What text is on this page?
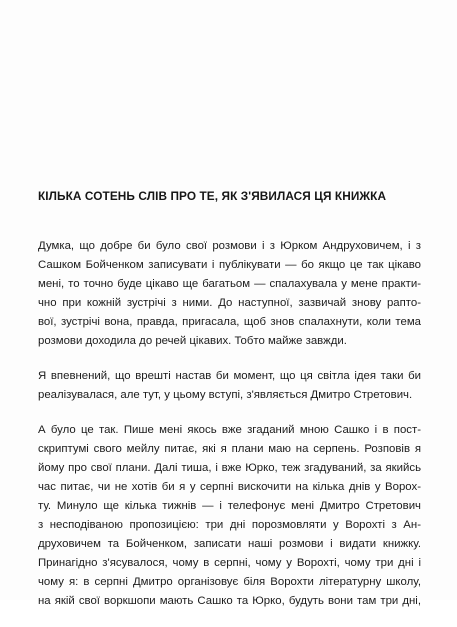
КІЛЬКА СОТЕНЬ СЛІВ ПРО ТЕ, ЯК З'ЯВИЛАСЯ ЦЯ КНИЖКА

Думка, що добре би було свої розмови і з Юрком Андруховичем, і з
Сашком Бойченком записувати і публікувати — бо якщо це так цікаво
мені, то точно буде цікаво ще багатьом — спалахувала у мене практи-
чно при кожній зустрічі з ними. До наступної, зазвичай знову рапто-
вої, зустрічі вона, правда, пригасала, щоб знов спалахнути, коли тема
розмови доходила до речей цікавих. Тобто майже завжди.

Я впевнений, що врешті настав би момент, що ця світла ідея таки би
реалізувалася, але тут, у цьому вступі, з'являється Дмитро Стретович.

А було це так. Пише мені якось вже згаданий мною Сашко і в пост-
скриптумі свого мейлу питає, які я плани маю на серпень. Розповів я
йому про свої плани. Далі тиша, і вже Юрко, теж згадуваний, за якийсь
час питає, чи не хотів би я у серпні вискочити на кілька днів у Ворох-
ту. Минуло ще кілька тижнів — і телефонує мені Дмитро Стретович
з несподіваною пропозицією: три дні порозмовляти у Ворохті з Ан-
друховичем та Бойченком, записати наші розмови і видати книжку.
Принагідно з'ясувалося, чому в серпні, чому у Ворохті, чому три дні і
чому я: в серпні Дмитро організовує біля Ворохти літературну школу,
на якій свої воркшопи мають Сашко та Юрко, будуть вони там три дні,
